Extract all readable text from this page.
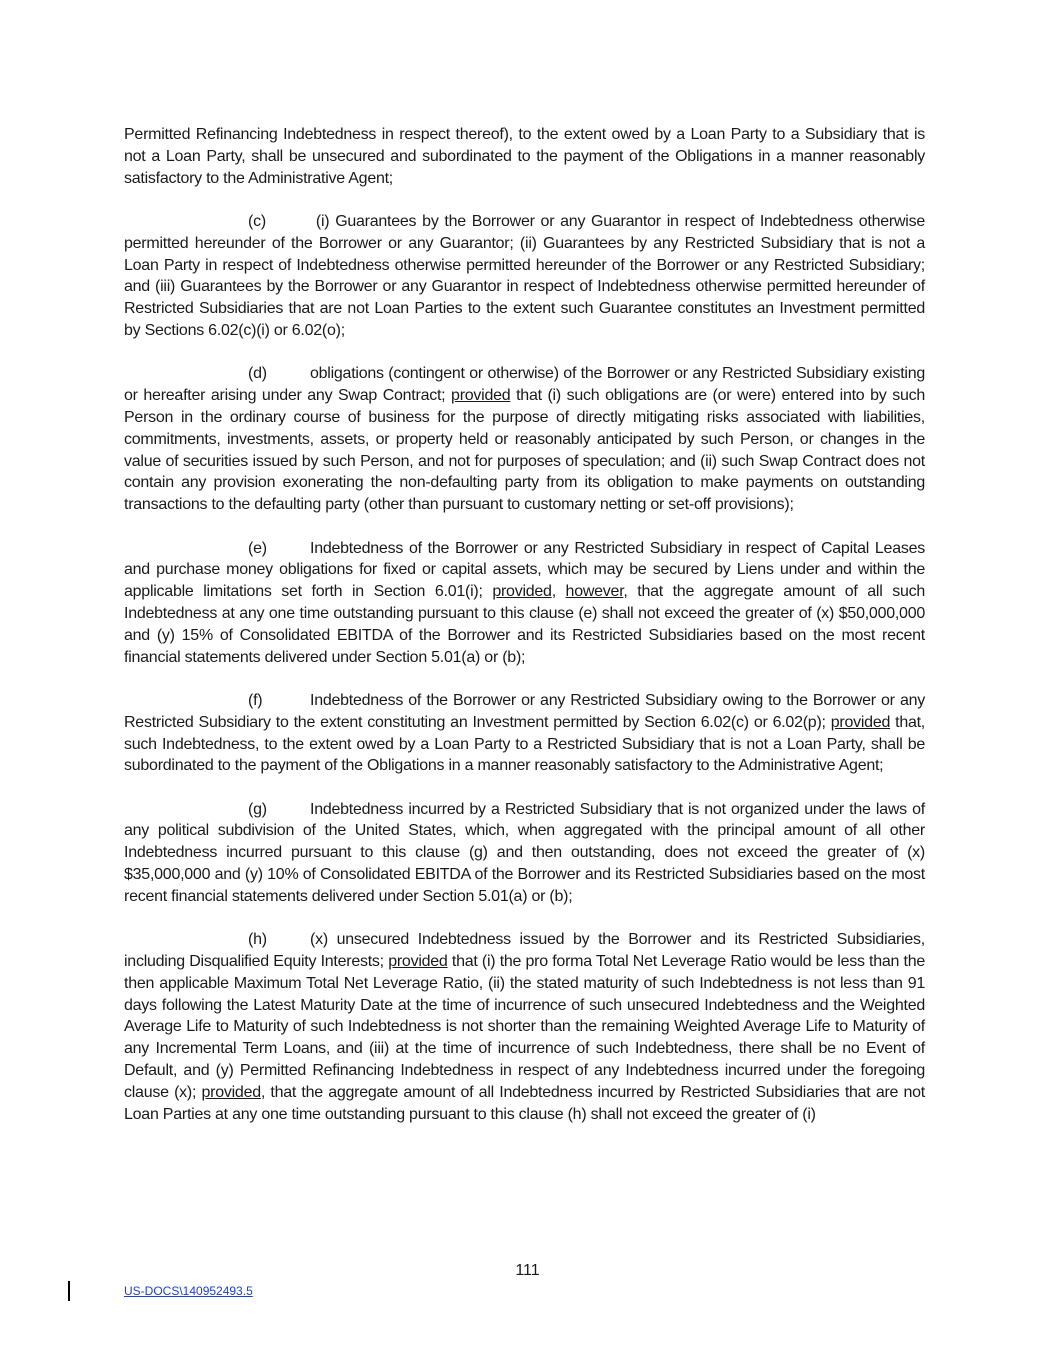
Permitted Refinancing Indebtedness in respect thereof), to the extent owed by a Loan Party to a Subsidiary that is not a Loan Party, shall be unsecured and subordinated to the payment of the Obligations in a manner reasonably satisfactory to the Administrative Agent;

(c)	(i) Guarantees by the Borrower or any Guarantor in respect of Indebtedness otherwise permitted hereunder of the Borrower or any Guarantor; (ii) Guarantees by any Restricted Subsidiary that is not a Loan Party in respect of Indebtedness otherwise permitted hereunder of the Borrower or any Restricted Subsidiary; and (iii) Guarantees by the Borrower or any Guarantor in respect of Indebtedness otherwise permitted hereunder of Restricted Subsidiaries that are not Loan Parties to the extent such Guarantee constitutes an Investment permitted by Sections 6.02(c)(i) or 6.02(o);

(d)	obligations (contingent or otherwise) of the Borrower or any Restricted Subsidiary existing or hereafter arising under any Swap Contract; provided that (i) such obligations are (or were) entered into by such Person in the ordinary course of business for the purpose of directly mitigating risks associated with liabilities, commitments, investments, assets, or property held or reasonably anticipated by such Person, or changes in the value of securities issued by such Person, and not for purposes of speculation; and (ii) such Swap Contract does not contain any provision exonerating the non-defaulting party from its obligation to make payments on outstanding transactions to the defaulting party (other than pursuant to customary netting or set-off provisions);

(e)	Indebtedness of the Borrower or any Restricted Subsidiary in respect of Capital Leases and purchase money obligations for fixed or capital assets, which may be secured by Liens under and within the applicable limitations set forth in Section 6.01(i); provided, however, that the aggregate amount of all such Indebtedness at any one time outstanding pursuant to this clause (e) shall not exceed the greater of (x) $50,000,000 and (y) 15% of Consolidated EBITDA of the Borrower and its Restricted Subsidiaries based on the most recent financial statements delivered under Section 5.01(a) or (b);

(f)	Indebtedness of the Borrower or any Restricted Subsidiary owing to the Borrower or any Restricted Subsidiary to the extent constituting an Investment permitted by Section 6.02(c) or 6.02(p); provided that, such Indebtedness, to the extent owed by a Loan Party to a Restricted Subsidiary that is not a Loan Party, shall be subordinated to the payment of the Obligations in a manner reasonably satisfactory to the Administrative Agent;

(g)	Indebtedness incurred by a Restricted Subsidiary that is not organized under the laws of any political subdivision of the United States, which, when aggregated with the principal amount of all other Indebtedness incurred pursuant to this clause (g) and then outstanding, does not exceed the greater of (x) $35,000,000 and (y) 10% of Consolidated EBITDA of the Borrower and its Restricted Subsidiaries based on the most recent financial statements delivered under Section 5.01(a) or (b);

(h)	(x) unsecured Indebtedness issued by the Borrower and its Restricted Subsidiaries, including Disqualified Equity Interests; provided that (i) the pro forma Total Net Leverage Ratio would be less than the then applicable Maximum Total Net Leverage Ratio, (ii) the stated maturity of such Indebtedness is not less than 91 days following the Latest Maturity Date at the time of incurrence of such unsecured Indebtedness and the Weighted Average Life to Maturity of such Indebtedness is not shorter than the remaining Weighted Average Life to Maturity of any Incremental Term Loans, and (iii) at the time of incurrence of such Indebtedness, there shall be no Event of Default, and (y) Permitted Refinancing Indebtedness in respect of any Indebtedness incurred under the foregoing clause (x); provided, that the aggregate amount of all Indebtedness incurred by Restricted Subsidiaries that are not Loan Parties at any one time outstanding pursuant to this clause (h) shall not exceed the greater of (i)

111
US-DOCS\140952493.5
